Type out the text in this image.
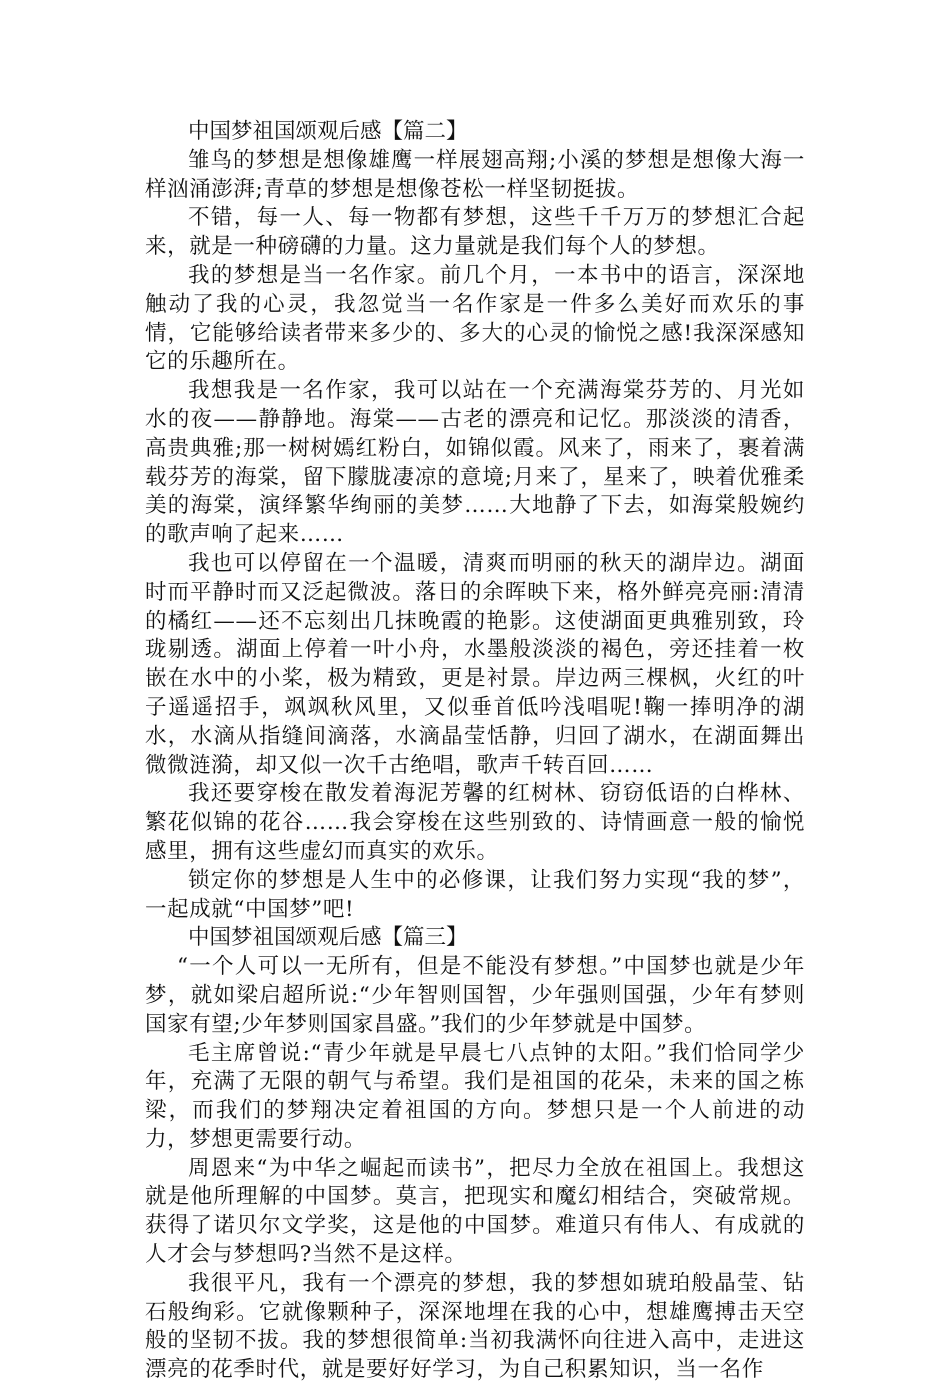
中国梦祖国颂观后感【篇二】

雏鸟的梦想是想像雄鹰一样展翅高翔;小溪的梦想是想像大海一样汹涌澎湃;青草的梦想是想像苍松一样坚韧挺拔。

不错，每一人、每一物都有梦想，这些千千万万的梦想汇合起来，就是一种磅礴的力量。这力量就是我们每个人的梦想。

我的梦想是当一名作家。前几个月，一本书中的语言，深深地触动了我的心灵，我忽觉当一名作家是一件多么美好而欢乐的事情，它能够给读者带来多少的、多大的心灵的愉悦之感!我深深感知它的乐趣所在。

我想我是一名作家，我可以站在一个充满海棠芬芳的、月光如水的夜——静静地。海棠——古老的漂亮和记忆。那淡淡的清香，高贵典雅;那一树树嫣红粉白，如锦似霞。风来了，雨来了，裹着满载芬芳的海棠，留下朦胧凄凉的意境;月来了，星来了，映着优雅柔美的海棠，演绎繁华绚丽的美梦……大地静了下去，如海棠般婉约的歌声响了起来……

我也可以停留在一个温暖，清爽而明丽的秋天的湖岸边。湖面时而平静时而又泛起微波。落日的余晖映下来，格外鲜亮亮丽:清清的橘红——还不忘刻出几抹晚霞的艳影。这使湖面更典雅别致，玲珑剔透。湖面上停着一叶小舟，水墨般淡淡的褐色，旁还挂着一枚嵌在水中的小桨，极为精致，更是衬景。岸边两三棵枫，火红的叶子遥遥招手，飒飒秋风里，又似垂首低吟浅唱呢!鞠一捧明净的湖水，水滴从指缝间滴落，水滴晶莹恬静，归回了湖水，在湖面舞出微微涟漪，却又似一次千古绝唱，歌声千转百回……

我还要穿梭在散发着海泥芳馨的红树林、窃窃低语的白桦林、繁花似锦的花谷……我会穿梭在这些别致的、诗情画意一般的愉悦感里，拥有这些虚幻而真实的欢乐。

锁定你的梦想是人生中的必修课，让我们努力实现“我的梦”，一起成就“中国梦”吧!

中国梦祖国颂观后感【篇三】

“一个人可以一无所有，但是不能没有梦想。”中国梦也就是少年梦，就如梁启超所说:“少年智则国智，少年强则国强，少年有梦则国家有望;少年梦则国家昌盛。”我们的少年梦就是中国梦。

毛主席曾说:“青少年就是早晨七八点钟的太阳。”我们恰同学少年，充满了无限的朝气与希望。我们是祖国的花朵，未来的国之栋梁，而我们的梦翔决定着祖国的方向。梦想只是一个人前进的动力，梦想更需要行动。

周恩来“为中华之崛起而读书”，把尽力全放在祖国上。我想这就是他所理解的中国梦。莫言，把现实和魔幻相结合，突破常规。获得了诺贝尔文学奖，这是他的中国梦。难道只有伟人、有成就的人才会与梦想吗?当然不是这样。

我很平凡，我有一个漂亮的梦想，我的梦想如琥珀般晶莹、钻石般绚彩。它就像颗种子，深深地埋在我的心中，想雄鹰搏击天空般的坚韧不拔。我的梦想很简单:当初我满怀向往进入高中，走进这漂亮的花季时代，就是要好好学习，为自己积累知识，当一名作
